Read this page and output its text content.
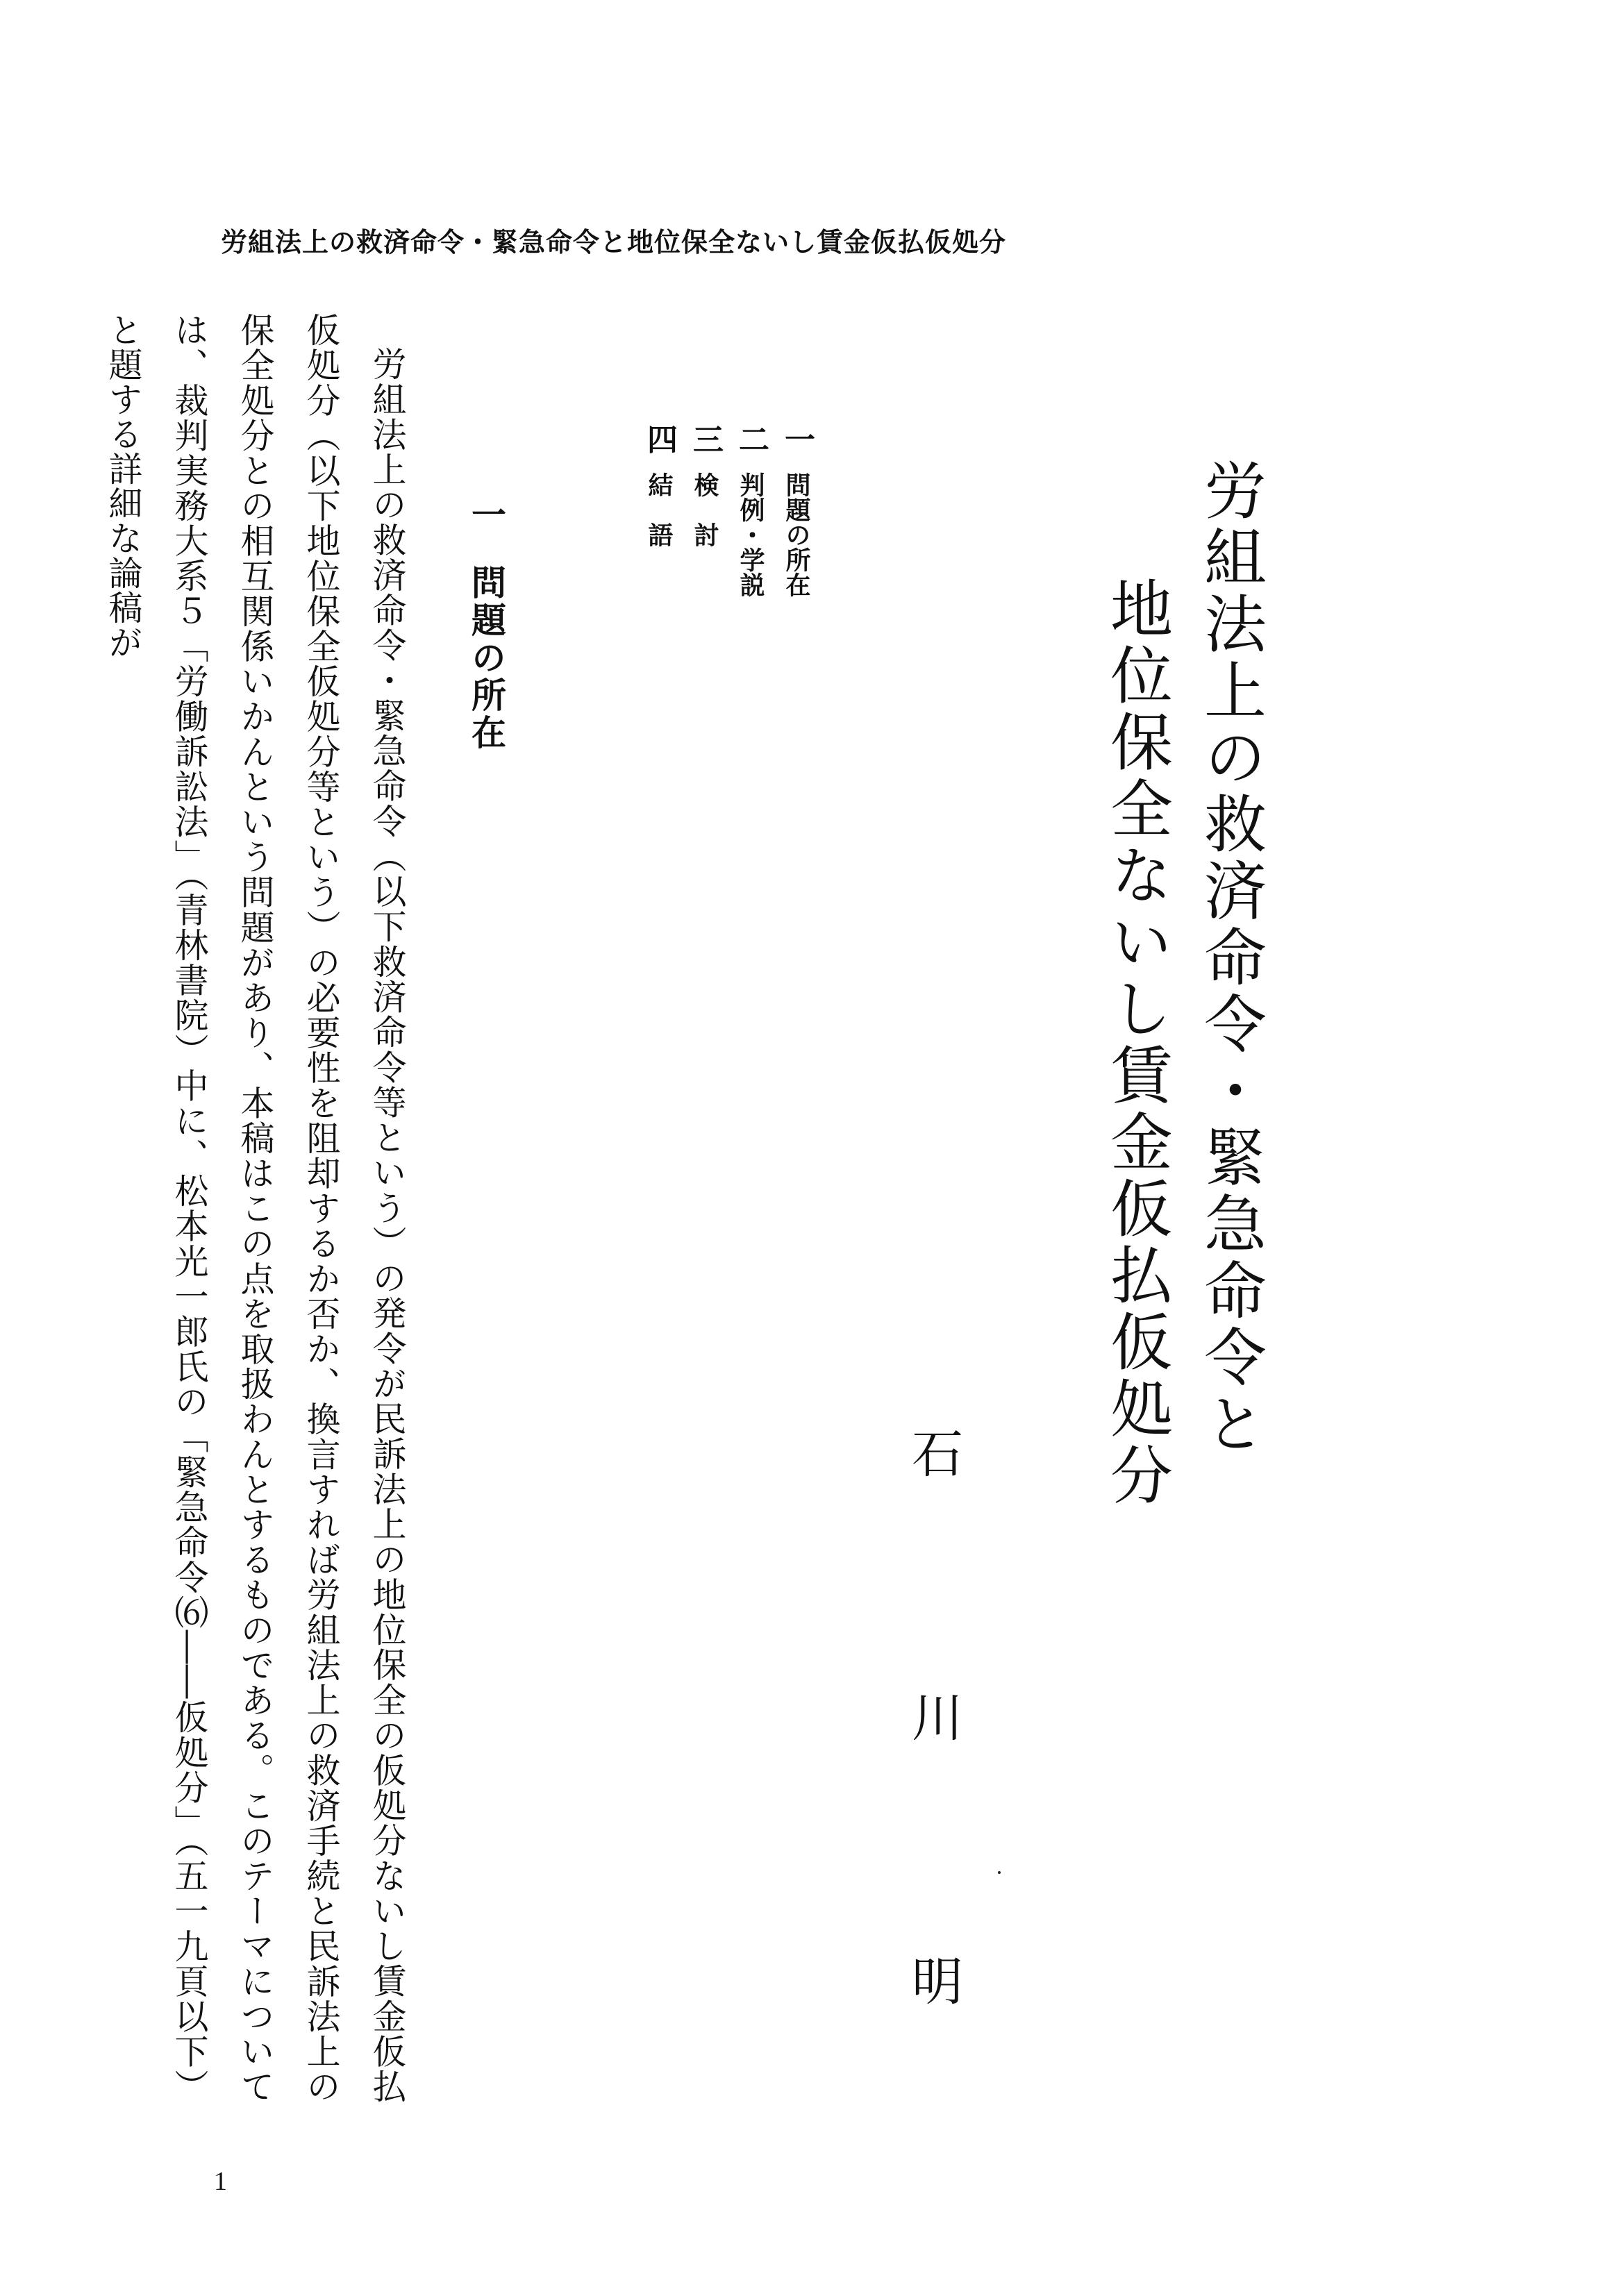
労組法上の救済命令・緊急命令と地位保全ないし賃金仮払仮処分
労組法上の救済命令・緊急命令と
地位保全ないし賃金仮払仮処分
石
川
明
一問題の所在
二判例・学説
三検　討
四結　語
一問題の所在

労組法上の救済命令・緊急命令（以下救済命令等という）の発令が民訴法上の地位保全の仮処分ないし賃金仮払仮処分（以下地位保全仮処分等という）の必要性を阻却するか否か、換言すれば労組法上の救済手続と民訴法上の保全処分との相互関係いかんという問題があり、本稿はこの点を取扱わんとするものである。このテーマについては、裁判実務大系５「労働訴訟法」（青林書院）中に、松本光一郎氏の「緊急命令⑹――仮処分」（五一九頁以下）と題する詳細な論稿が

1
